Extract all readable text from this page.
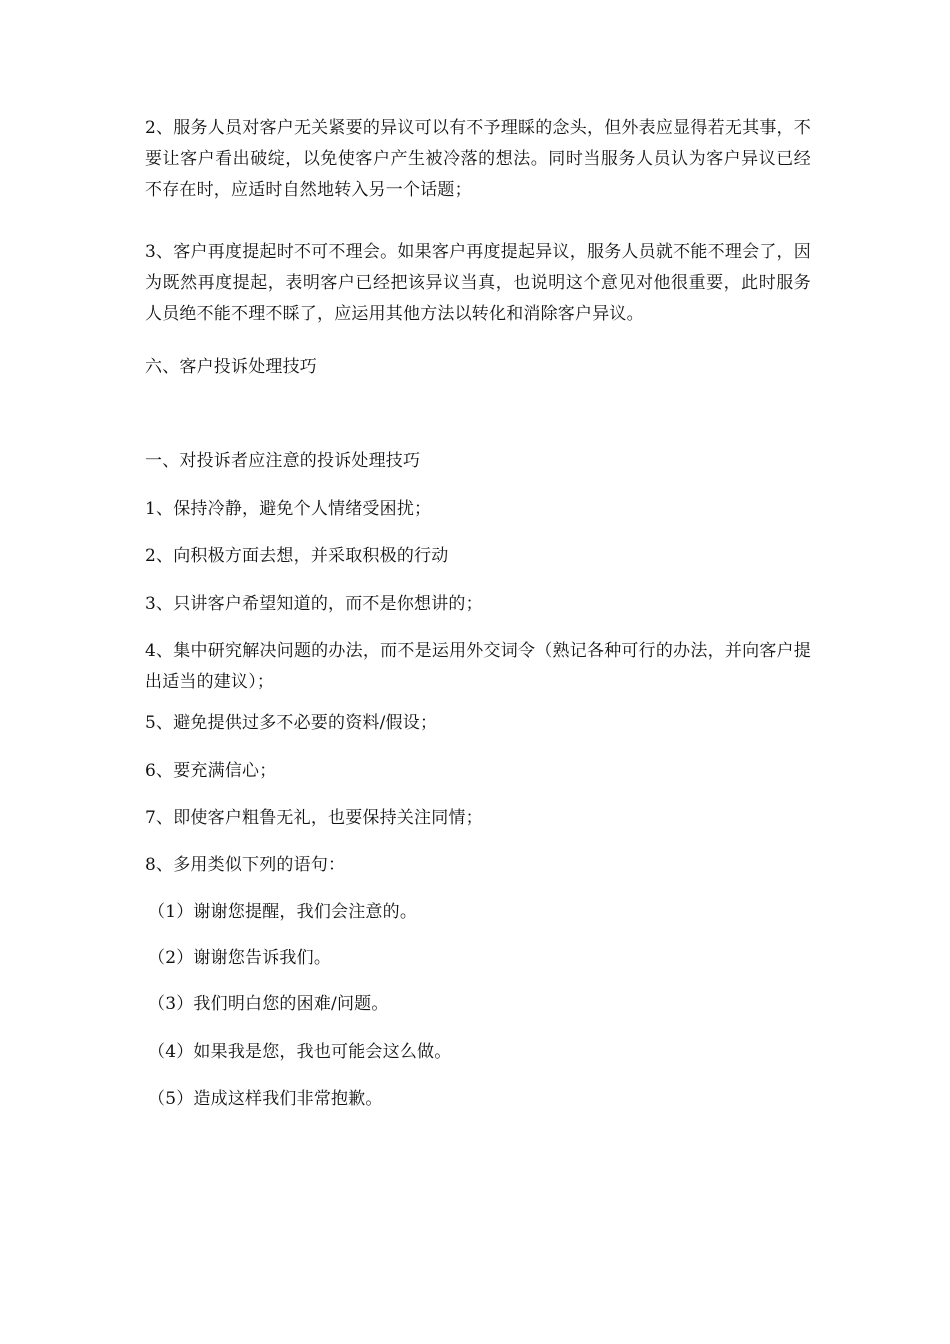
2、服务人员对客户无关紧要的异议可以有不予理睬的念头，但外表应显得若无其事，不要让客户看出破绽，以免使客户产生被冷落的想法。同时当服务人员认为客户异议已经不存在时，应适时自然地转入另一个话题；

3、客户再度提起时不可不理会。如果客户再度提起异议，服务人员就不能不理会了，因为既然再度提起，表明客户已经把该异议当真，也说明这个意见对他很重要，此时服务人员绝不能不理不睬了，应运用其他方法以转化和消除客户异议。

六、客户投诉处理技巧

一、对投诉者应注意的投诉处理技巧

1、保持冷静，避免个人情绪受困扰；

2、向积极方面去想，并采取积极的行动

3、只讲客户希望知道的，而不是你想讲的；

4、集中研究解决问题的办法，而不是运用外交词令（熟记各种可行的办法，并向客户提出适当的建议）；

5、避免提供过多不必要的资料/假设；

6、要充满信心；

7、即使客户粗鲁无礼，也要保持关注同情；

8、多用类似下列的语句：

（1）谢谢您提醒，我们会注意的。

（2）谢谢您告诉我们。

（3）我们明白您的困难/问题。

（4）如果我是您，我也可能会这么做。

（5）造成这样我们非常抱歉。
